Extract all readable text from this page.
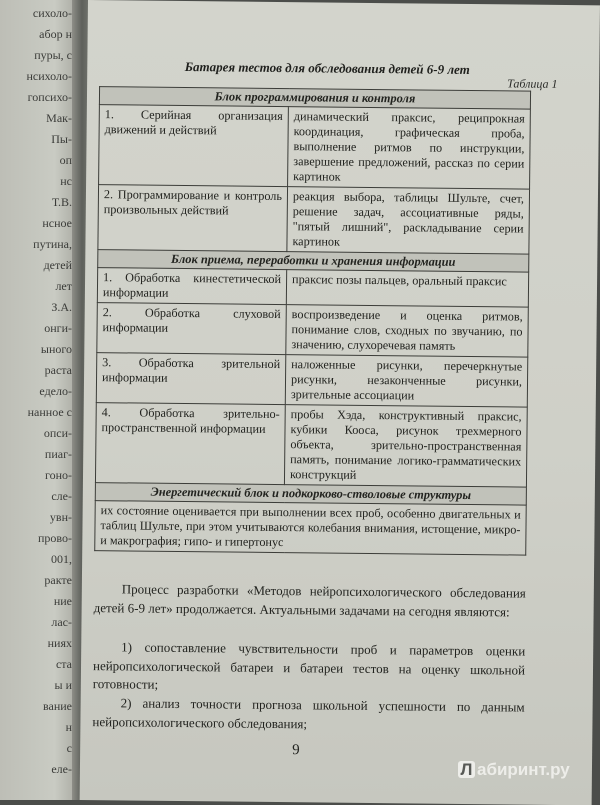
сихоло-
абор н
пуры, с
нсихоло-
гопсихо-
Мак-
Пы-
оп
нс
Т.В.
нсное
путина,
детей
лет
З.А.
онги-
ыного
раста
едело-
нанное с
опси-
пиаг-
гоно-
сле-
увн-
прово-
001,
ракте
ние
лас-
ниях
ста
ы и
вание
н
с
еле-
Таблица 1
Батарея тестов для обследования детей 6-9 лет
Блок программирования и контроля	
1. Серийная организация движений и действий	динамический праксис, реципрокная координация, графическая проба, выполнение ритмов по инструкции, завершение предложений, рассказ по серии картинок
2. Программирование и контроль произвольных действий	реакция выбора, таблицы Шульте, счет, решение задач, ассоциативные ряды, "пятый лишний", раскладывание серии картинок
Блок приема, переработки и хранения информации	
1. Обработка кинестетической информации	праксис позы пальцев, оральный праксис
2. Обработка слуховой информации	воспроизведение и оценка ритмов, понимание слов, сходных по звучанию, по значению, слухоречевая память
3. Обработка зрительной информации	наложенные рисунки, перечеркнутые рисунки, незаконченные рисунки, зрительные ассоциации
4. Обработка зрительно-пространственной информации	пробы Хэда, конструктивный праксис, кубики Кооса, рисунок трехмерного объекта, зрительно-пространственная память, понимание логико-грамматических конструкций
Энергетический блок и подкорково-стволовые структуры	
их состояние оценивается при выполнении всех проб, особенно двигательных и таблиц Шульте, при этом учитываются колебания внимания, истощение, микро- и макрография; гипо- и гипертонус	

Процесс разработки «Методов нейропсихологического обследования детей 6-9 лет» продолжается. Актуальными задачами на сегодня являются:

1) сопоставление чувствительности проб и параметров оценки нейропсихологической батареи и батареи тестов на оценку школьной готовности;

2) анализ точности прогноза школьной успешности по данным нейропсихологического обследования;

9
Л абиринт.ру
